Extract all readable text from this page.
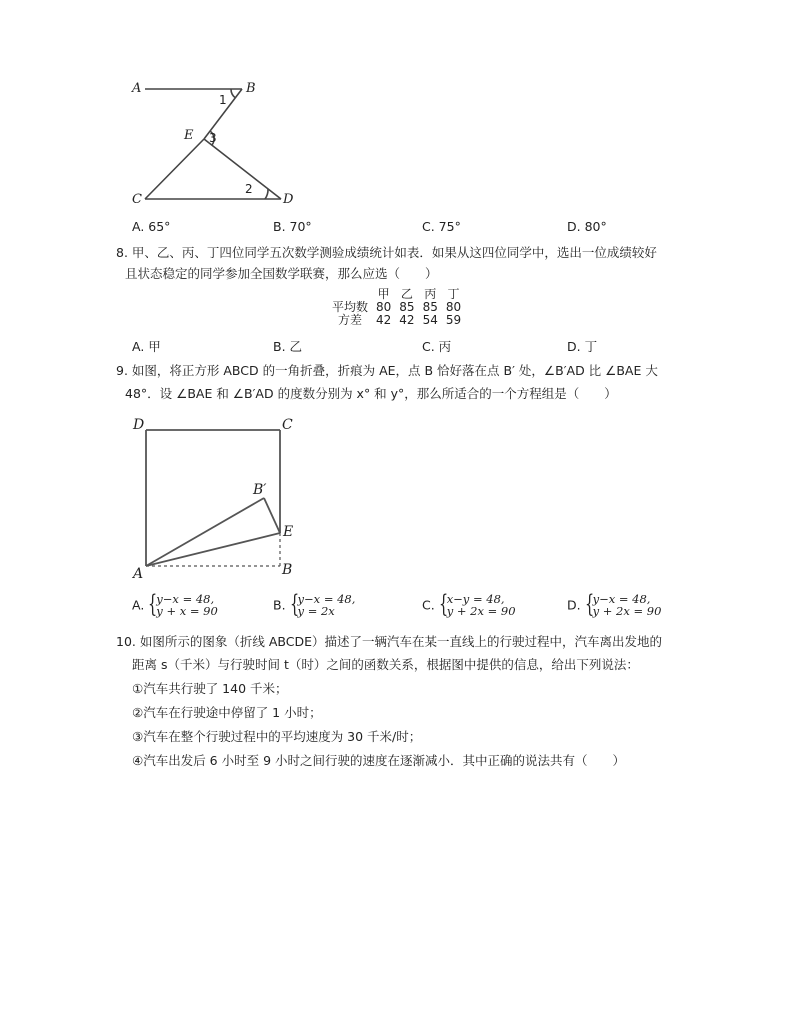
A	B
1
E 3
2
C	D
A. 65°	B. 70°	C. 75°	D. 80°
8. 甲、乙、丙、丁四位同学五次数学测验成绩统计如表．如果从这四位同学中，选出一位成绩较好
且状态稳定的同学参加全国数学联赛，那么应选（　　）
	甲	乙	丙	丁
平均数	80	85	85	80
方差	42	42	54	59
A. 甲	B. 乙	C. 丙	D. 丁
9. 如图，将正方形 ABCD 的一角折叠，折痕为 AE，点 B 恰好落在点 B′ 处，∠B′AD 比 ∠BAE 大
48°．设 ∠BAE 和 ∠B′AD 的度数分别为 x° 和 y°，那么所适合的一个方程组是（　　）
D	C
B′
E
A	B
A. {
y−x = 48,
y + x = 90	B. {
y−x = 48,
y = 2x	C. {
x−y = 48,
y + 2x = 90	D. {
y−x = 48,
y + 2x = 90
10. 如图所示的图象（折线 ABCDE）描述了一辆汽车在某一直线上的行驶过程中，汽车离出发地的
距离 s（千米）与行驶时间 t（时）之间的函数关系，根据图中提供的信息，给出下列说法：
①汽车共行驶了 140 千米；
②汽车在行驶途中停留了 1 小时；
③汽车在整个行驶过程中的平均速度为 30 千米/时；
④汽车出发后 6 小时至 9 小时之间行驶的速度在逐渐减小．其中正确的说法共有（　　）
